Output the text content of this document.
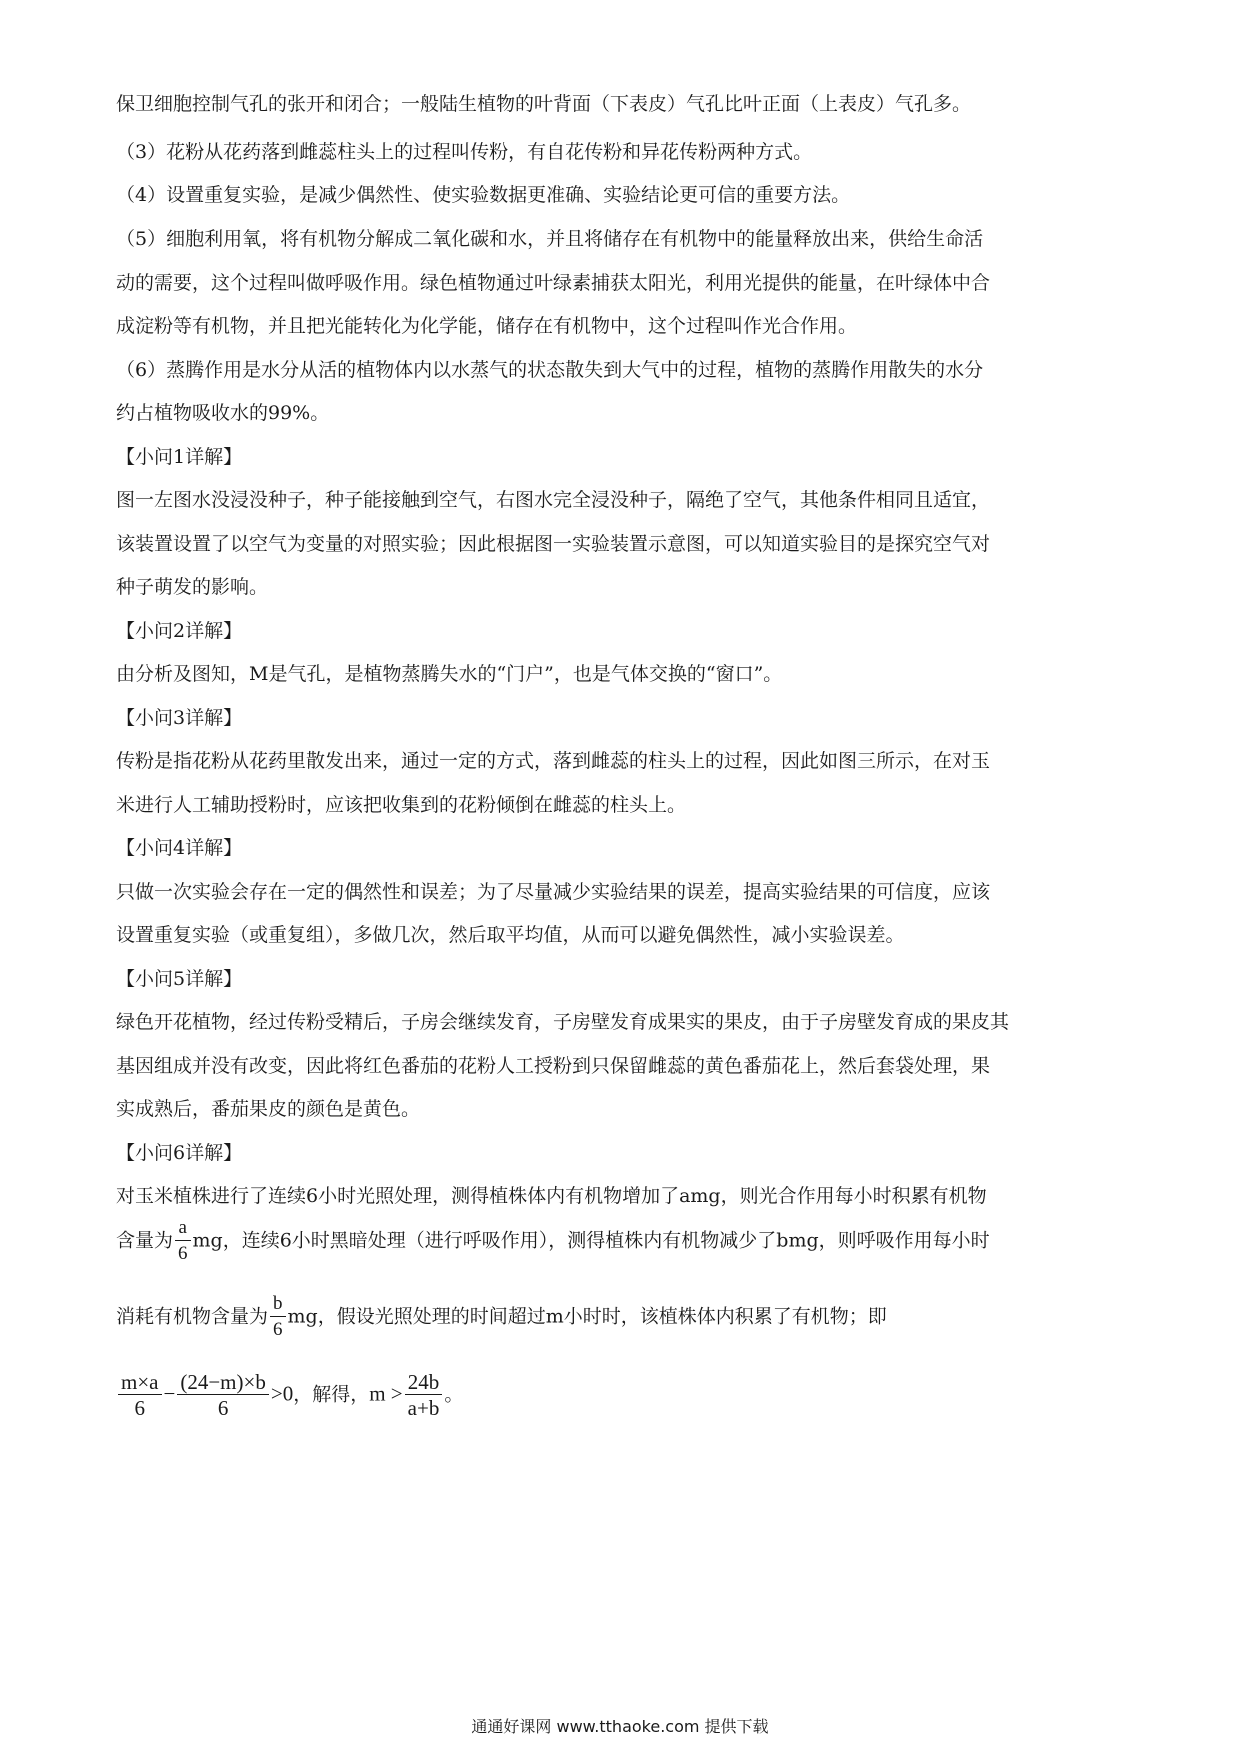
保卫细胞控制气孔的张开和闭合；一般陆生植物的叶背面（下表皮）气孔比叶正面（上表皮）气孔多。
（3）花粉从花药落到雌蕊柱头上的过程叫传粉，有自花传粉和异花传粉两种方式。
（4）设置重复实验，是减少偶然性、使实验数据更准确、实验结论更可信的重要方法。
（5）细胞利用氧，将有机物分解成二氧化碳和水，并且将储存在有机物中的能量释放出来，供给生命活
动的需要，这个过程叫做呼吸作用。绿色植物通过叶绿素捕获太阳光，利用光提供的能量，在叶绿体中合
成淀粉等有机物，并且把光能转化为化学能，储存在有机物中，这个过程叫作光合作用。
（6）蒸腾作用是水分从活的植物体内以水蒸气的状态散失到大气中的过程，植物的蒸腾作用散失的水分
约占植物吸收水的99%。
【小问1详解】
图一左图水没浸没种子，种子能接触到空气，右图水完全浸没种子，隔绝了空气，其他条件相同且适宜，
该装置设置了以空气为变量的对照实验；因此根据图一实验装置示意图，可以知道实验目的是探究空气对
种子萌发的影响。
【小问2详解】
由分析及图知，M是气孔，是植物蒸腾失水的“门户”，也是气体交换的“窗口”。
【小问3详解】
传粉是指花粉从花药里散发出来，通过一定的方式，落到雌蕊的柱头上的过程，因此如图三所示，在对玉
米进行人工辅助授粉时，应该把收集到的花粉倾倒在雌蕊的柱头上。
【小问4详解】
只做一次实验会存在一定的偶然性和误差；为了尽量减少实验结果的误差，提高实验结果的可信度，应该
设置重复实验（或重复组），多做几次，然后取平均值，从而可以避免偶然性，减小实验误差。
【小问5详解】
绿色开花植物，经过传粉受精后，子房会继续发育，子房壁发育成果实的果皮，由于子房壁发育成的果皮其
基因组成并没有改变，因此将红色番茄的花粉人工授粉到只保留雌蕊的黄色番茄花上，然后套袋处理，果
实成熟后，番茄果皮的颜色是黄色。
【小问6详解】
对玉米植株进行了连续6小时光照处理，测得植株体内有机物增加了amg，则光合作用每小时积累有机物
含量为 $\frac{a}{6}$ mg，连续6小时黑暗处理（进行呼吸作用），测得植株内有机物减少了bmg，则呼吸作用每小时
消耗有机物含量为 $\frac{b}{6}$ mg，假设光照处理的时间超过m小时时，该植株体内积累了有机物；即
$\frac{m\times a}{6} - \frac{(24-m)\times b}{6} >0$，解得，$m > \frac{24b}{a+b}$ 。
通通好课网 www.tthaoke.com 提供下载
